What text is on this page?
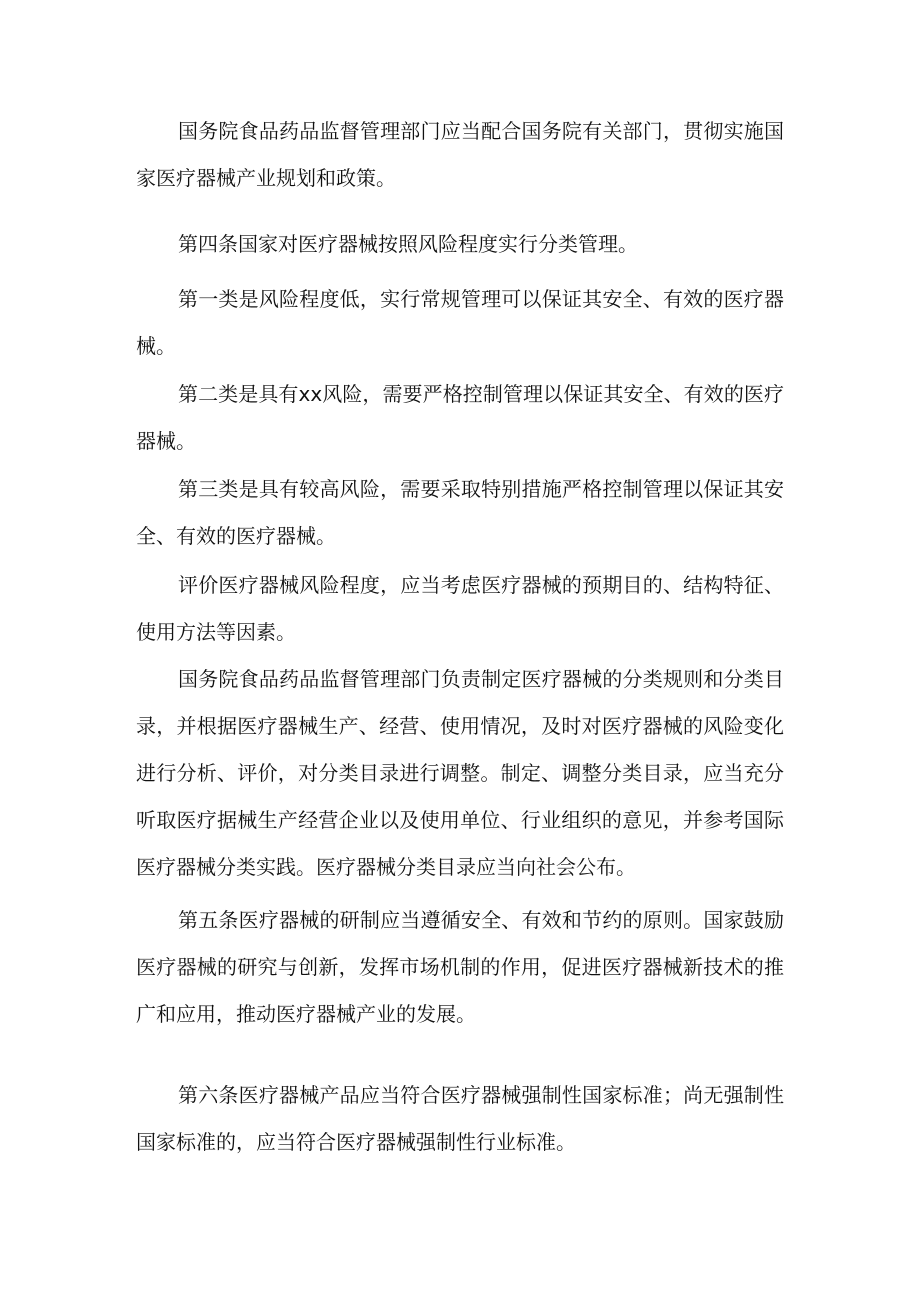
国务院食品药品监督管理部门应当配合国务院有关部门，贯彻实施国家医疗器械产业规划和政策。

第四条国家对医疗器械按照风险程度实行分类管理。

第一类是风险程度低，实行常规管理可以保证其安全、有效的医疗器械。

第二类是具有xx风险，需要严格控制管理以保证其安全、有效的医疗器械。

第三类是具有较高风险，需要采取特别措施严格控制管理以保证其安全、有效的医疗器械。

评价医疗器械风险程度，应当考虑医疗器械的预期目的、结构特征、使用方法等因素。

国务院食品药品监督管理部门负责制定医疗器械的分类规则和分类目录，并根据医疗器械生产、经营、使用情况，及时对医疗器械的风险变化进行分析、评价，对分类目录进行调整。制定、调整分类目录，应当充分听取医疗据械生产经营企业以及使用单位、行业组织的意见，并参考国际医疗器械分类实践。医疗器械分类目录应当向社会公布。

第五条医疗器械的研制应当遵循安全、有效和节约的原则。国家鼓励医疗器械的研究与创新，发挥市场机制的作用，促进医疗器械新技术的推广和应用，推动医疗器械产业的发展。

第六条医疗器械产品应当符合医疗器械强制性国家标准；尚无强制性国家标准的，应当符合医疗器械强制性行业标准。
